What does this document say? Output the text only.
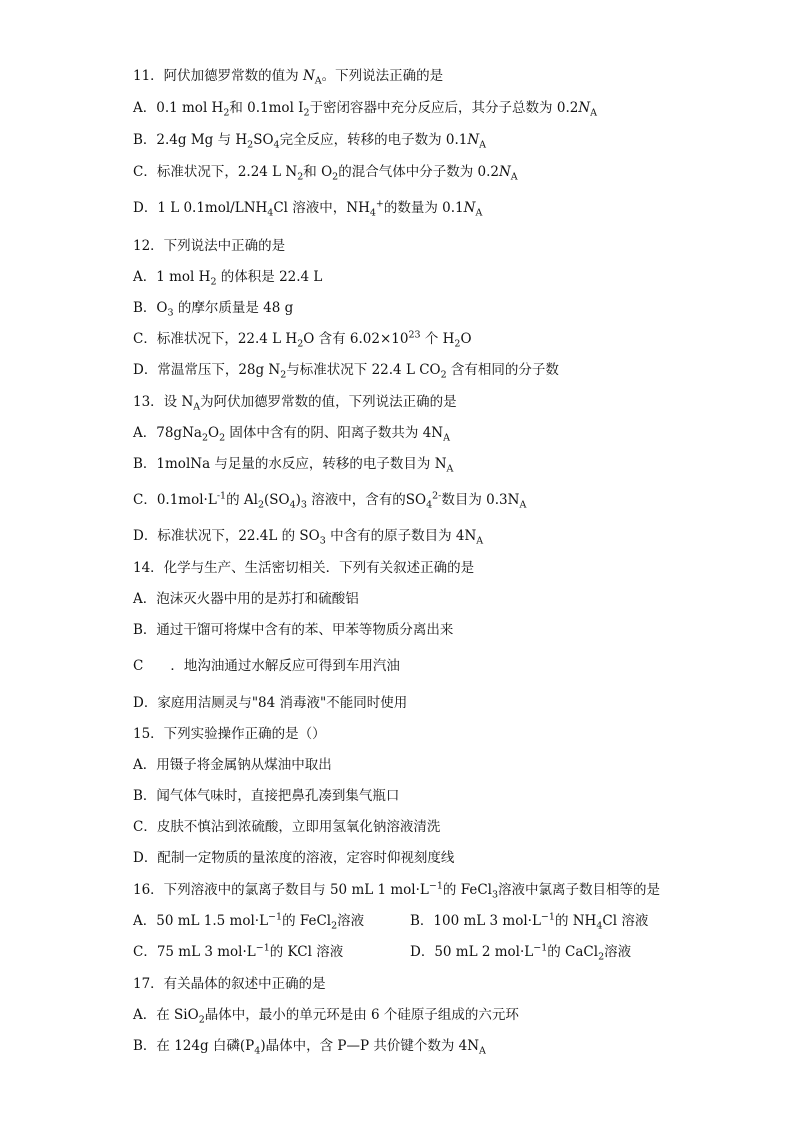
11．阿伏加德罗常数的值为 $N_A$。下列说法正确的是
A．0.1 mol $H_2$和 0.1mol $I_2$于密闭容器中充分反应后，其分子总数为 $0.2N_A$
B．2.4g Mg 与 $H_2SO_4$完全反应，转移的电子数为 $0.1N_A$
C．标准状况下，2.24 L $N_2$和 $O_2$的混合气体中分子数为 $0.2N_A$
D．1 L $0.1mol/LNH_4Cl$ 溶液中，$NH_4^+$的数量为 $0.1N_A$
12．下列说法中正确的是
A．1 mol $H_2$ 的体积是 22.4 L
B．$O_3$ 的摩尔质量是 48 g
C．标准状况下，22.4 L $H_2O$ 含有 $6.02\times 10^{23}$ 个 $H_2O$
D．常温常压下，28g $N_2$与标准状况下 22.4 L $CO_2$ 含有相同的分子数
13．设 $N_A$为阿伏加德罗常数的值，下列说法正确的是
A．$78gNa_2O_2$ 固体中含有的阴、阳离子数共为 $4N_A$
B．1molNa 与足量的水反应，转移的电子数目为 $N_A$
C．$0.1mol\cdot L^{-1}$的 $Al_2(SO_4)_3$ 溶液中，含有的$SO_4^{2-}$数目为 $0.3N_A$
D．标准状况下，22.4L 的 $SO_3$ 中含有的原子数目为 $4N_A$
14．化学与生产、生活密切相关．下列有关叙述正确的是
A．泡沫灭火器中用的是苏打和硫酸铝
B．通过干馏可将煤中含有的苯、甲苯等物质分离出来
C　　．地沟油通过水解反应可得到车用汽油
D．家庭用洁厕灵与"84 消毒液"不能同时使用
15．下列实验操作正确的是（）
A．用镊子将金属钠从煤油中取出
B．闻气体气味时，直接把鼻孔凑到集气瓶口
C．皮肤不慎沾到浓硫酸，立即用氢氧化钠溶液清洗
D．配制一定物质的量浓度的溶液，定容时仰视刻度线
16．下列溶液中的氯离子数目与 50 mL 1 $mol\cdot L^{-1}$的 FeCl$_3$溶液中氯离子数目相等的是
A．50 mL 1.5 $mol\cdot L^{-1}$的 FeCl$_2$溶液	B．100 mL 3 $mol\cdot L^{-1}$的 $NH_4Cl$ 溶液
C．75 mL 3 $mol\cdot L^{-1}$的 KCl 溶液	D．50 mL 2 $mol\cdot L^{-1}$的 CaCl$_2$溶液
17．有关晶体的叙述中正确的是
A．在 SiO$_2$晶体中，最小的单元环是由 6 个硅原子组成的六元环
B．在 124g 白磷$(P_4)$晶体中，含 P—P 共价键个数为 $4N_A$
